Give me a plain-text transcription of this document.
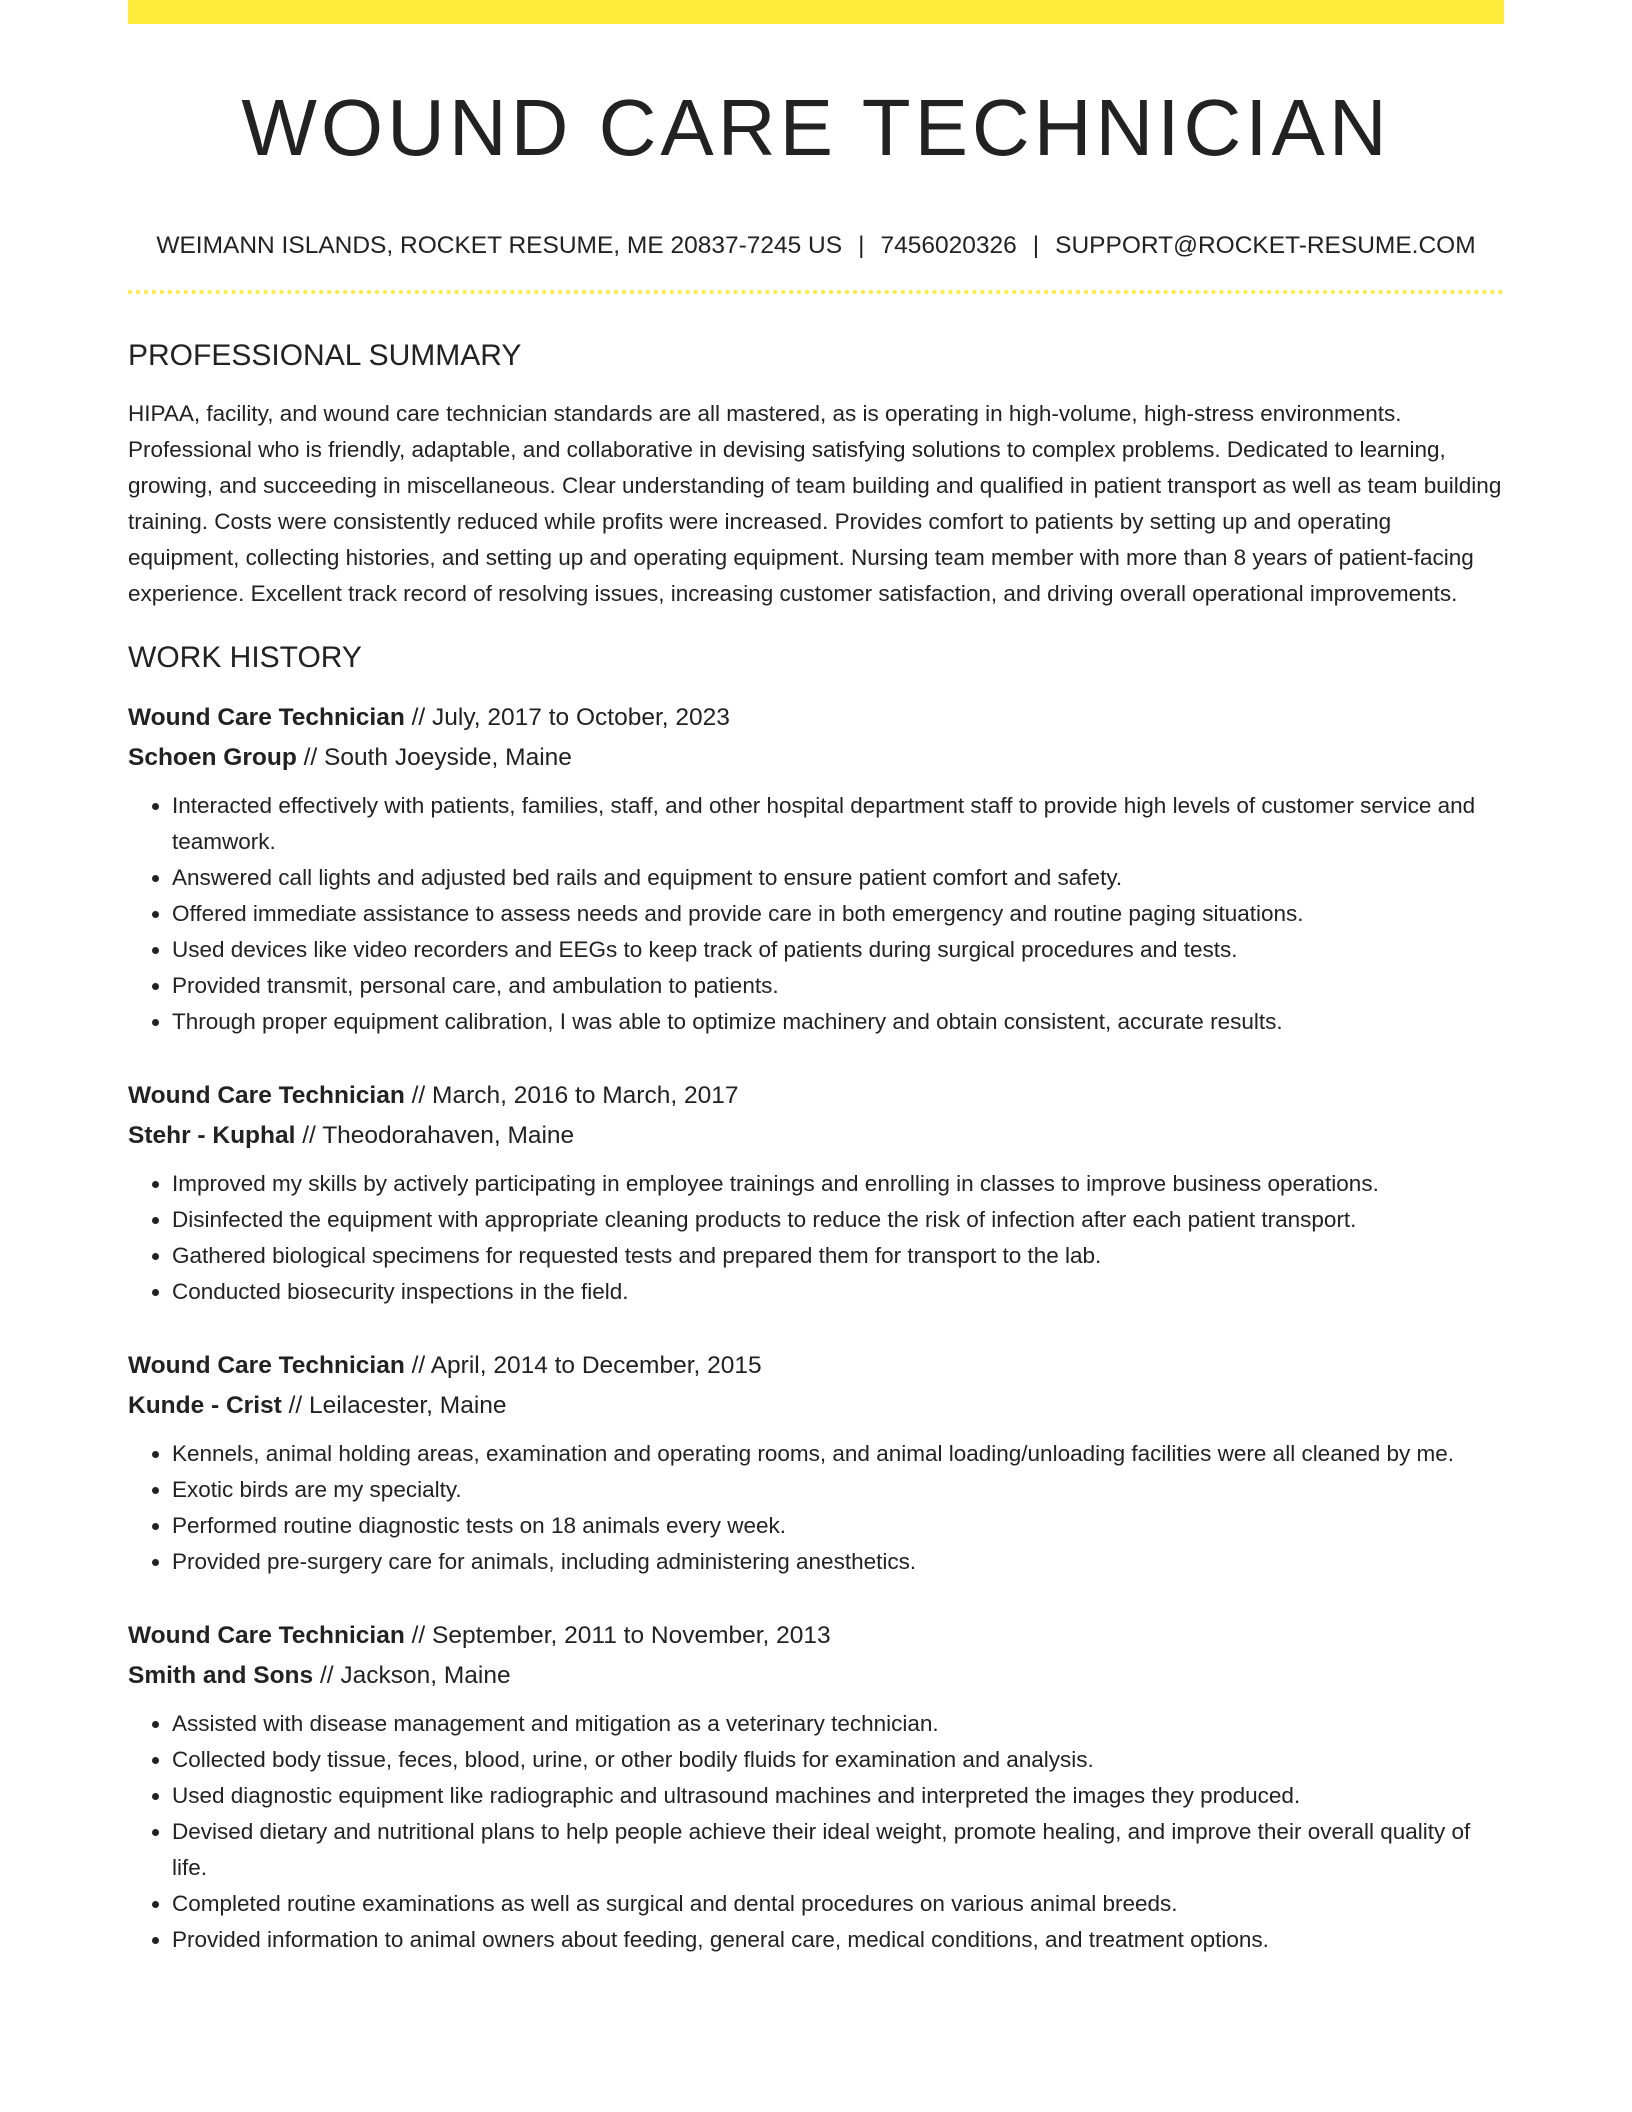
WOUND CARE TECHNICIAN
WEIMANN ISLANDS, ROCKET RESUME, ME 20837-7245 US | 7456020326 | SUPPORT@ROCKET-RESUME.COM
PROFESSIONAL SUMMARY

HIPAA, facility, and wound care technician standards are all mastered, as is operating in high-volume, high-stress environments. Professional who is friendly, adaptable, and collaborative in devising satisfying solutions to complex problems. Dedicated to learning, growing, and succeeding in miscellaneous. Clear understanding of team building and qualified in patient transport as well as team building training. Costs were consistently reduced while profits were increased. Provides comfort to patients by setting up and operating equipment, collecting histories, and setting up and operating equipment. Nursing team member with more than 8 years of patient-facing experience. Excellent track record of resolving issues, increasing customer satisfaction, and driving overall operational improvements.

WORK HISTORY
Wound Care Technician // July, 2017 to October, 2023
Schoen Group // South Joeyside, Maine
• Interacted effectively with patients, families, staff, and other hospital department staff to provide high levels of customer service and teamwork.
• Answered call lights and adjusted bed rails and equipment to ensure patient comfort and safety.
• Offered immediate assistance to assess needs and provide care in both emergency and routine paging situations.
• Used devices like video recorders and EEGs to keep track of patients during surgical procedures and tests.
• Provided transmit, personal care, and ambulation to patients.
• Through proper equipment calibration, I was able to optimize machinery and obtain consistent, accurate results.
Wound Care Technician // March, 2016 to March, 2017
Stehr - Kuphal // Theodorahaven, Maine
• Improved my skills by actively participating in employee trainings and enrolling in classes to improve business operations.
• Disinfected the equipment with appropriate cleaning products to reduce the risk of infection after each patient transport.
• Gathered biological specimens for requested tests and prepared them for transport to the lab.
• Conducted biosecurity inspections in the field.
Wound Care Technician // April, 2014 to December, 2015
Kunde - Crist // Leilacester, Maine
• Kennels, animal holding areas, examination and operating rooms, and animal loading/unloading facilities were all cleaned by me.
• Exotic birds are my specialty.
• Performed routine diagnostic tests on 18 animals every week.
• Provided pre-surgery care for animals, including administering anesthetics.
Wound Care Technician // September, 2011 to November, 2013
Smith and Sons // Jackson, Maine
• Assisted with disease management and mitigation as a veterinary technician.
• Collected body tissue, feces, blood, urine, or other bodily fluids for examination and analysis.
• Used diagnostic equipment like radiographic and ultrasound machines and interpreted the images they produced.
• Devised dietary and nutritional plans to help people achieve their ideal weight, promote healing, and improve their overall quality of life.
• Completed routine examinations as well as surgical and dental procedures on various animal breeds.
• Provided information to animal owners about feeding, general care, medical conditions, and treatment options.
